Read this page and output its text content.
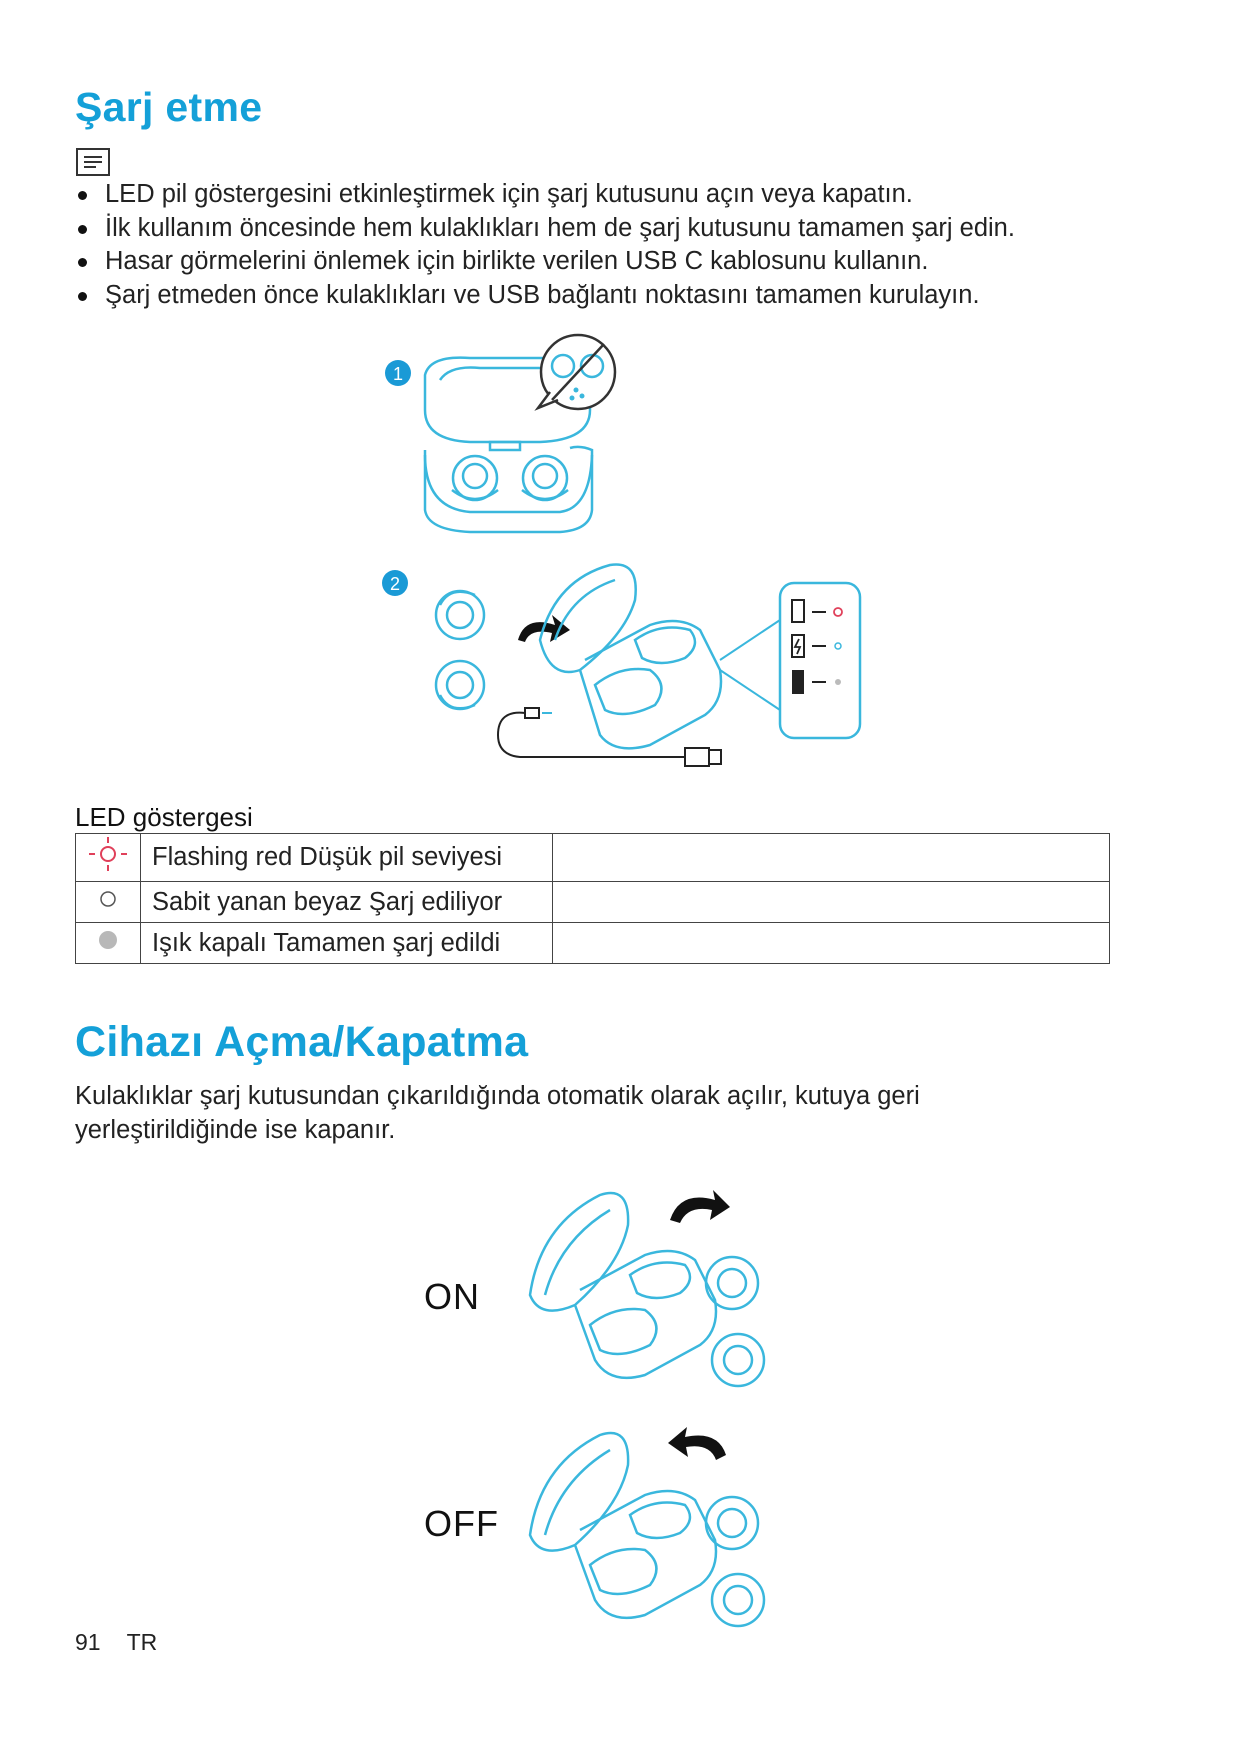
Şarj etme
LED pil göstergesini etkinleştirmek için şarj kutusunu açın veya kapatın.
İlk kullanım öncesinde hem kulaklıkları hem de şarj kutusunu tamamen şarj edin.
Hasar görmelerini önlemek için birlikte verilen USB C kablosunu kullanın.
Şarj etmeden önce kulaklıkları ve USB bağlantı noktasını tamamen kurulayın.
1
2
LED göstergesi
	Flashing red Düşük pil seviyesi	
	Sabit yanan beyaz Şarj ediliyor	
	Işık kapalı Tamamen şarj edildi	
Cihazı Açma/Kapatma
Kulaklıklar şarj kutusundan çıkarıldığında otomatik olarak açılır, kutuya geri
yerleştirildiğinde ise kapanır.
ON
OFF
91 TR
